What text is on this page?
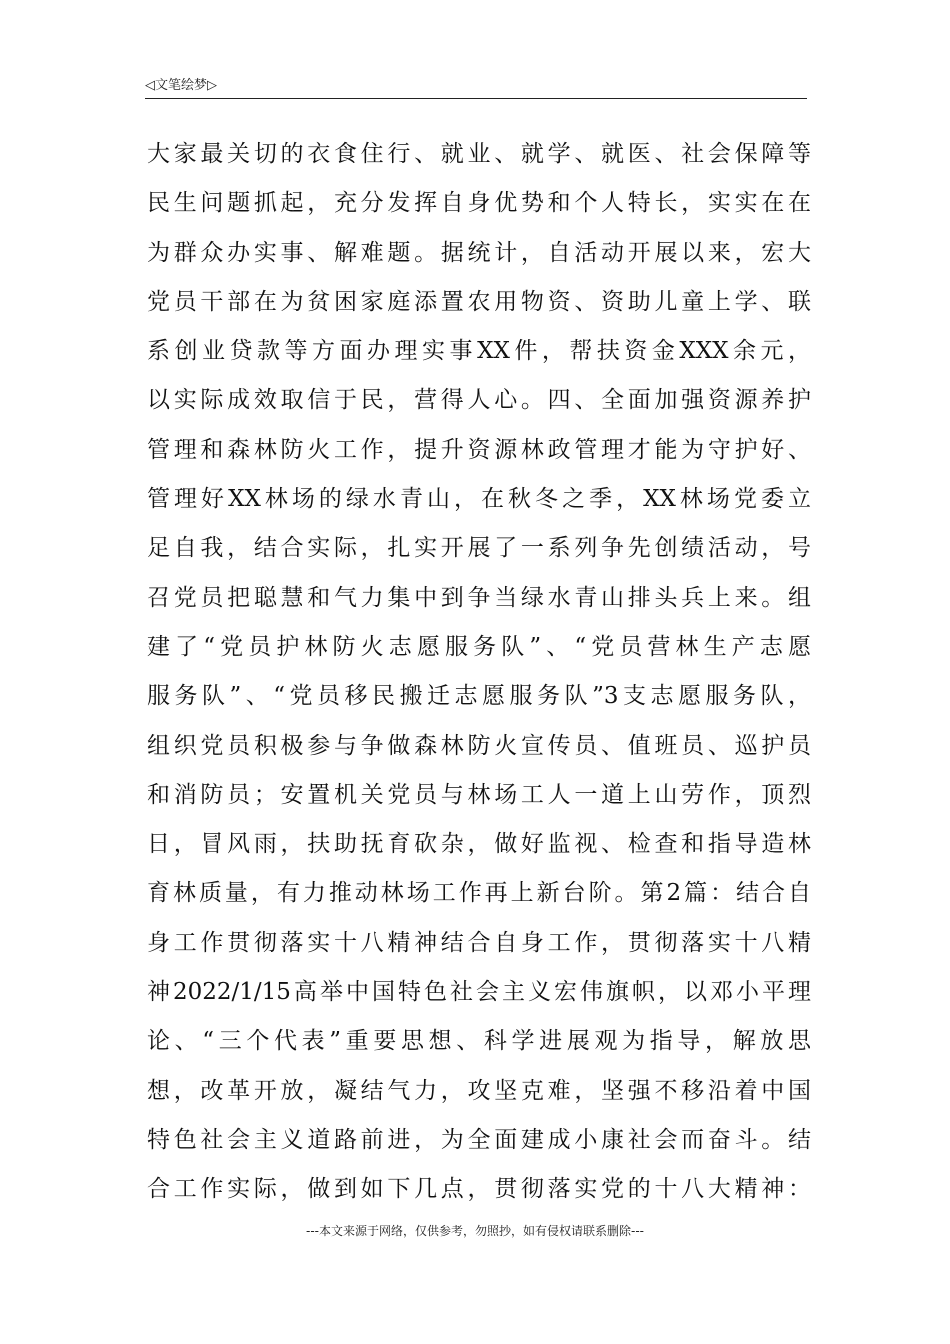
◁文笔绘梦▷
大家最关切的衣食住行、就业、就学、就医、社会保障等
民生问题抓起，充分发挥自身优势和个人特长，实实在在
为群众办实事、解难题。据统计，自活动开展以来，宏大
党员干部在为贫困家庭添置农用物资、资助儿童上学、联
系创业贷款等方面办理实事XX件，帮扶资金XXX余元，
以实际成效取信于民，营得人心。四、全面加强资源养护
管理和森林防火工作，提升资源林政管理才能为守护好、
管理好XX林场的绿水青山，在秋冬之季，XX林场党委立
足自我，结合实际，扎实开展了一系列争先创绩活动，号
召党员把聪慧和气力集中到争当绿水青山排头兵上来。组
建了“党员护林防火志愿服务队”、“党员营林生产志愿
服务队”、“党员移民搬迁志愿服务队”3支志愿服务队，
组织党员积极参与争做森林防火宣传员、值班员、巡护员
和消防员；安置机关党员与林场工人一道上山劳作，顶烈
日，冒风雨，扶助抚育砍杂，做好监视、检查和指导造林
育林质量，有力推动林场工作再上新台阶。第2篇：结合自
身工作贯彻落实十八精神结合自身工作，贯彻落实十八精
神2022/1/15高举中国特色社会主义宏伟旗帜，以邓小平理
论、“三个代表”重要思想、科学进展观为指导，解放思
想，改革开放，凝结气力，攻坚克难，坚强不移沿着中国
特色社会主义道路前进，为全面建成小康社会而奋斗。结
合工作实际，做到如下几点，贯彻落实党的十八大精神：
---本文来源于网络，仅供参考，勿照抄，如有侵权请联系删除---
